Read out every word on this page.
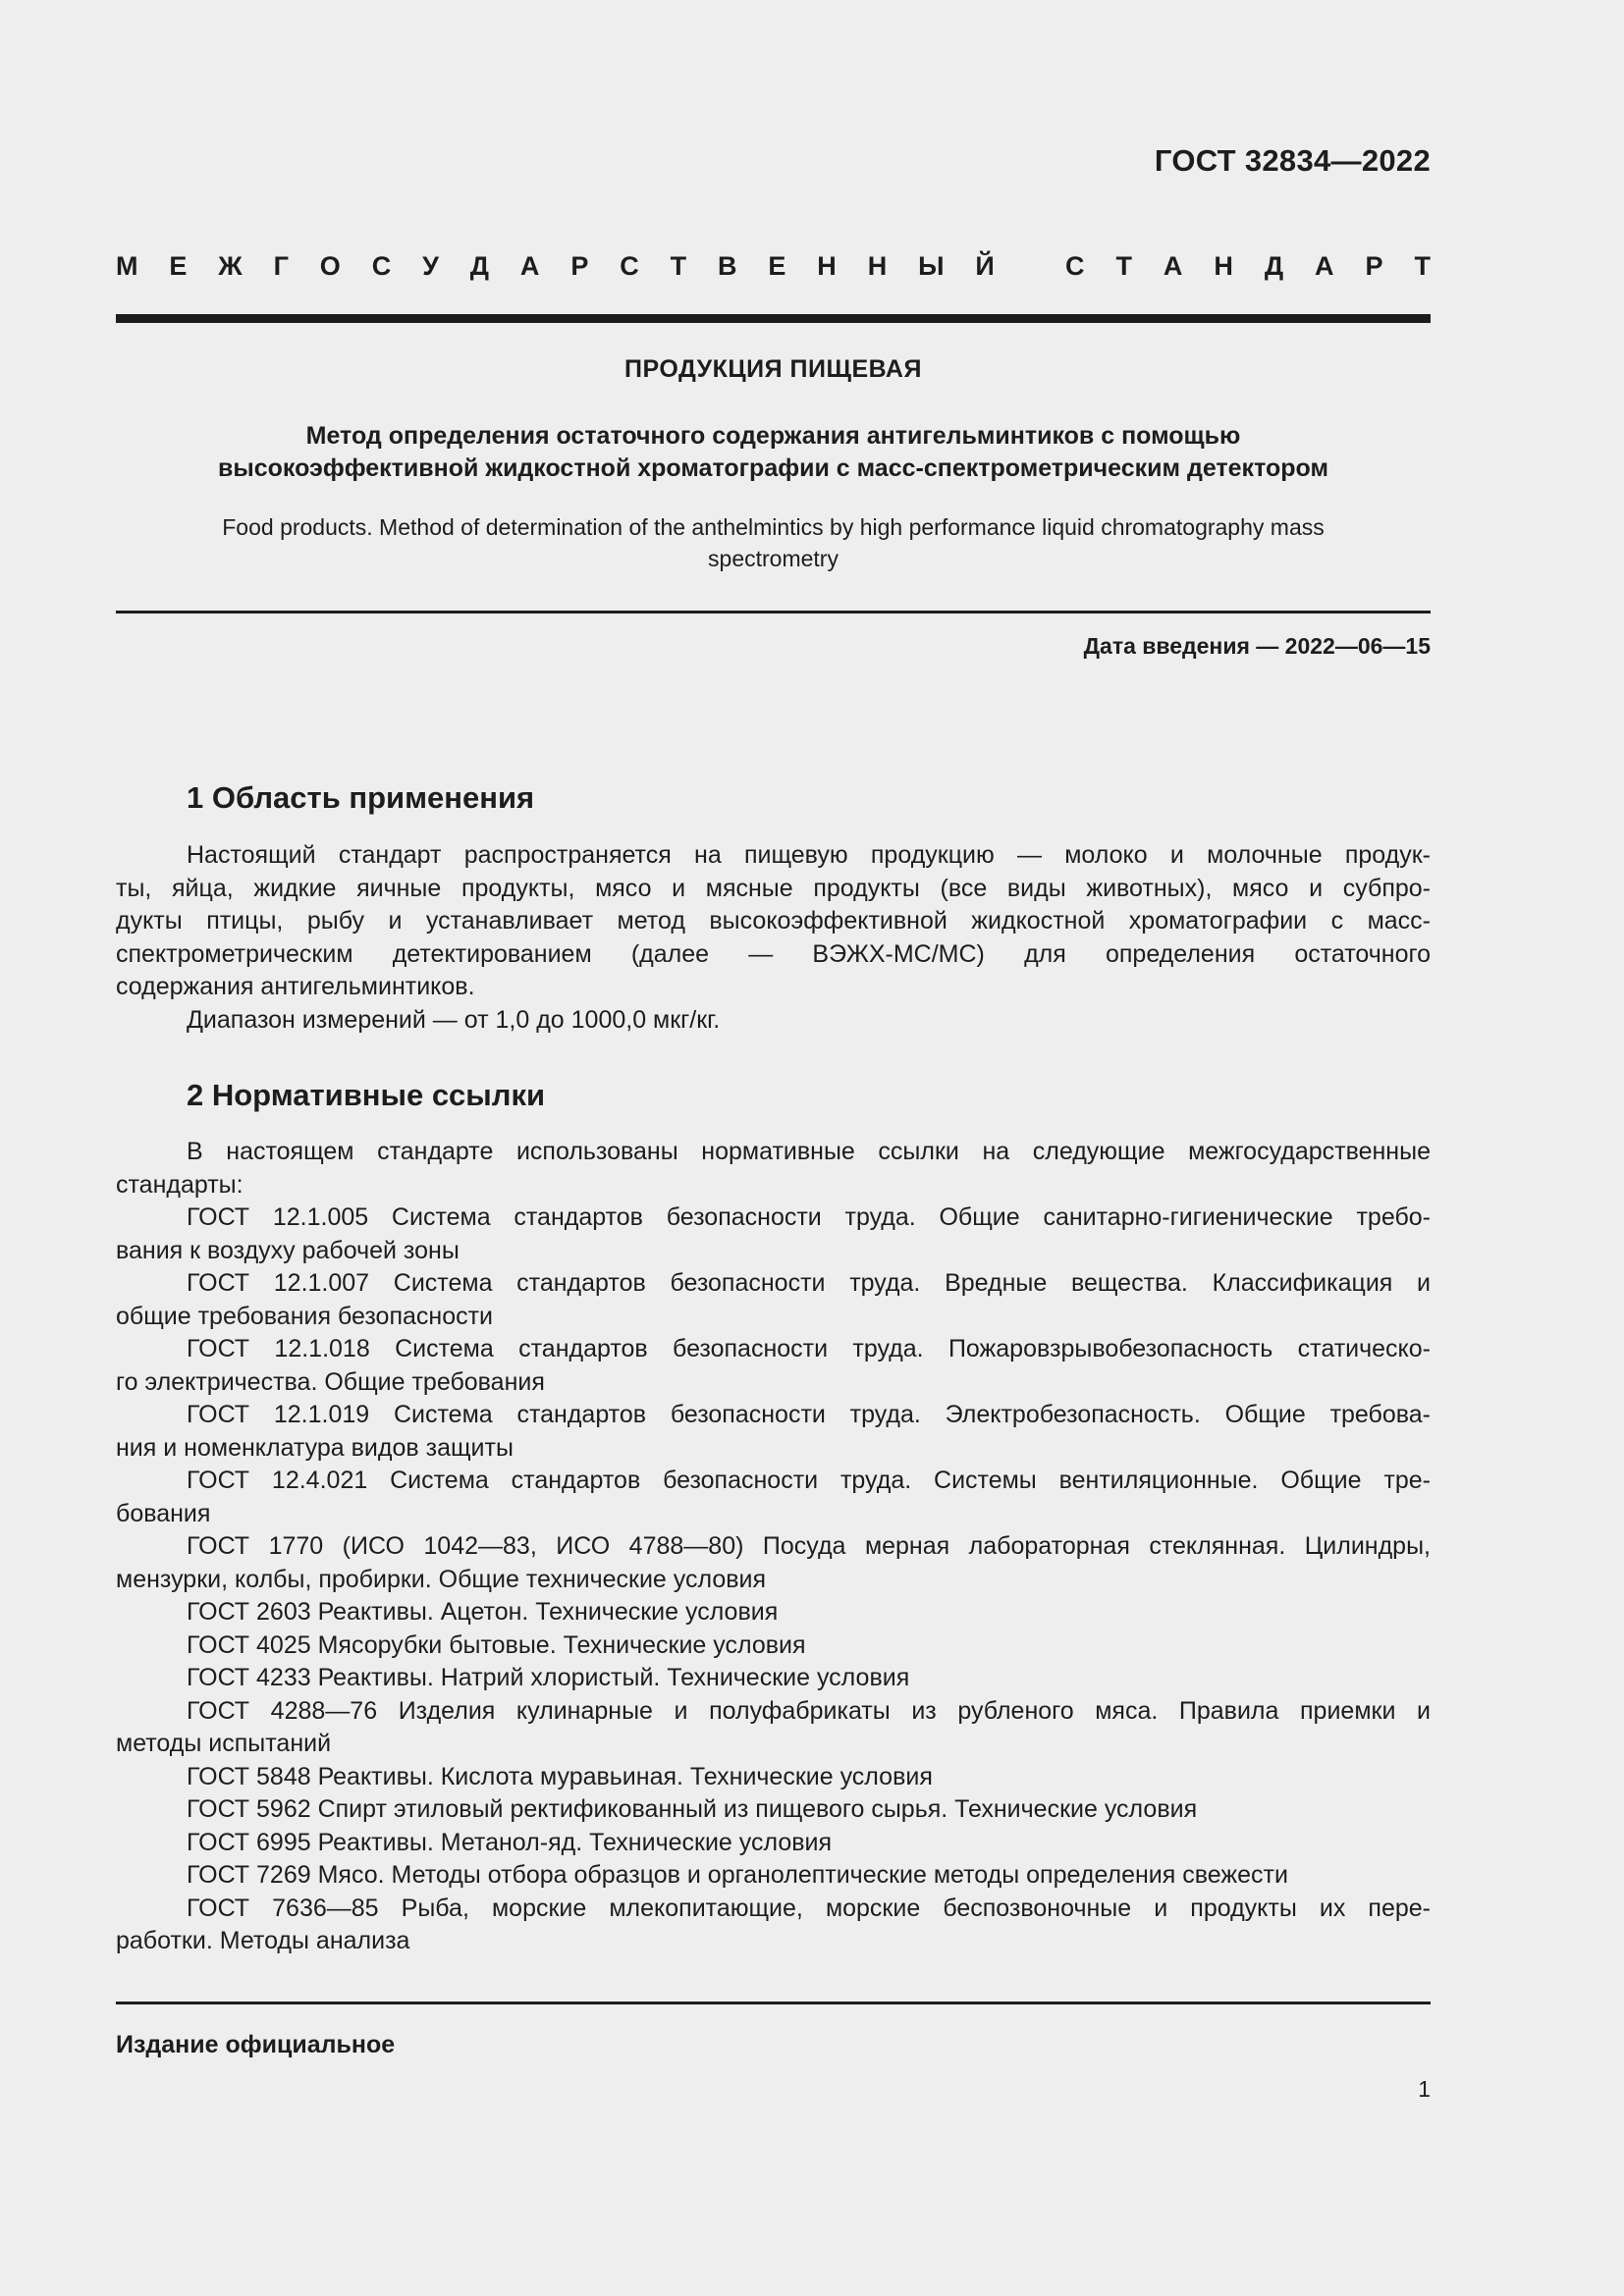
ГОСТ 32834—2022
М Е Ж Г О С У Д А Р С Т В Е Н Н Ы Й	С Т А Н Д А Р Т
ПРОДУКЦИЯ ПИЩЕВАЯ
Метод определения остаточного содержания антигельминтиков с помощью
высокоэффективной жидкостной хроматографии с масс-спектрометрическим детектором
Food products. Method of determination of the anthelmintics by high performance liquid chromatography mass
spectrometry
Дата введения — 2022—06—15
1 Область применения
Настоящий стандарт распространяется на пищевую продукцию — молоко и молочные продук-
ты, яйца, жидкие яичные продукты, мясо и мясные продукты (все виды животных), мясо и субпро-
дукты птицы, рыбу и устанавливает метод высокоэффективной жидкостной хроматографии с масс-
спектрометрическим детектированием (далее — ВЭЖХ-МС/МС) для определения остаточного
содержания антигельминтиков.
Диапазон измерений — от 1,0 до 1000,0 мкг/кг.
2 Нормативные ссылки
В настоящем стандарте использованы нормативные ссылки на следующие межгосударственные
стандарты:
ГОСТ 12.1.005 Система стандартов безопасности труда. Общие санитарно-гигиенические требо-
вания к воздуху рабочей зоны
ГОСТ 12.1.007 Система стандартов безопасности труда. Вредные вещества. Классификация и
общие требования безопасности
ГОСТ 12.1.018 Система стандартов безопасности труда. Пожаровзрывобезопасность статическо-
го электричества. Общие требования
ГОСТ 12.1.019 Система стандартов безопасности труда. Электробезопасность. Общие требова-
ния и номенклатура видов защиты
ГОСТ 12.4.021 Система стандартов безопасности труда. Системы вентиляционные. Общие тре-
бования
ГОСТ 1770 (ИСО 1042—83, ИСО 4788—80) Посуда мерная лабораторная стеклянная. Цилиндры,
мензурки, колбы, пробирки. Общие технические условия
ГОСТ 2603 Реактивы. Ацетон. Технические условия
ГОСТ 4025 Мясорубки бытовые. Технические условия
ГОСТ 4233 Реактивы. Натрий хлористый. Технические условия
ГОСТ 4288—76 Изделия кулинарные и полуфабрикаты из рубленого мяса. Правила приемки и
методы испытаний
ГОСТ 5848 Реактивы. Кислота муравьиная. Технические условия
ГОСТ 5962 Спирт этиловый ректификованный из пищевого сырья. Технические условия
ГОСТ 6995 Реактивы. Метанол-яд. Технические условия
ГОСТ 7269 Мясо. Методы отбора образцов и органолептические методы определения свежести
ГОСТ 7636—85 Рыба, морские млекопитающие, морские беспозвоночные и продукты их пере-
работки. Методы анализа
Издание официальное
1
